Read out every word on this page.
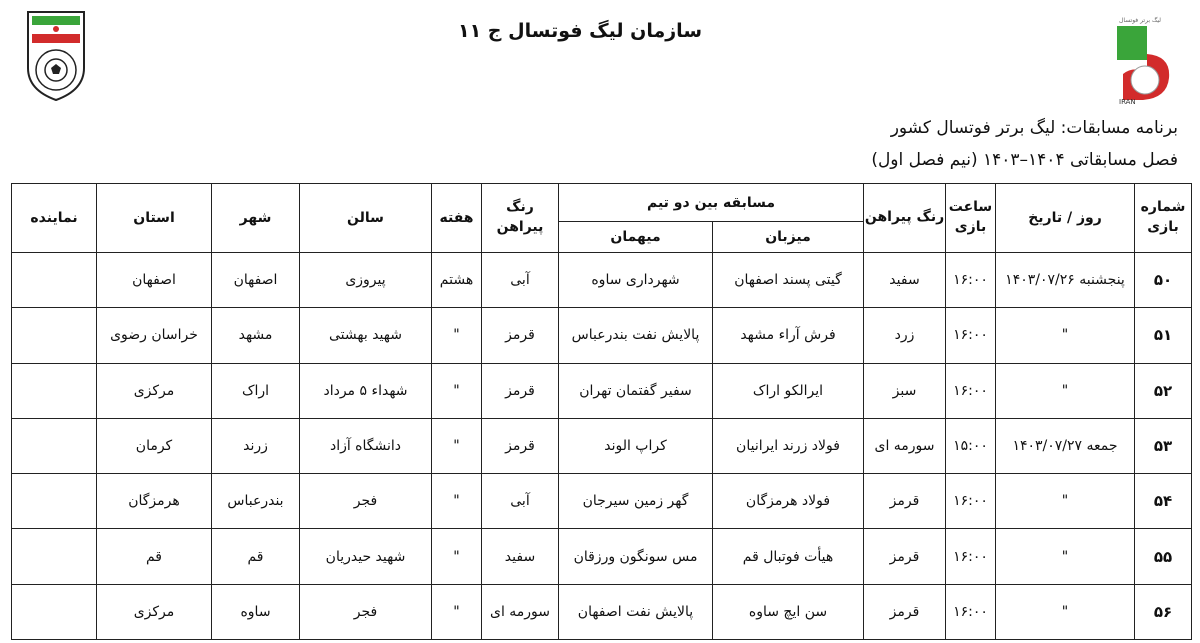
لیگ برتر فوتسال
IRAN
سازمان لیگ فوتسال ج ۱۱
برنامه مسابقات: لیگ برتر فوتسال کشور
فصل مسابقاتی ۱۴۰۴–۱۴۰۳ (نیم فصل اول)
شماره بازی	روز / تاریخ	ساعت بازی	رنگ پیراهن	مسابقه بین دو تیم		رنگ پیراهن	هفته	سالن	شهر	استان	نماینده
				میزبان	میهمان						
۵۰	پنجشنبه ۱۴۰۳/۰۷/۲۶	۱۶:۰۰	سفید	گیتی پسند اصفهان	شهرداری ساوه	آبی	هشتم	پیروزی	اصفهان	اصفهان	
۵۱	"	۱۶:۰۰	زرد	فرش آراء مشهد	پالایش نفت بندرعباس	قرمز	"	شهید بهشتی	مشهد	خراسان رضوی	
۵۲	"	۱۶:۰۰	سبز	ایرالکو اراک	سفیر گفتمان تهران	قرمز	"	شهداء ۵ مرداد	اراک	مرکزی	
۵۳	جمعه ۱۴۰۳/۰۷/۲۷	۱۵:۰۰	سورمه ای	فولاد زرند ایرانیان	کراپ الوند	قرمز	"	دانشگاه آزاد	زرند	کرمان	
۵۴	"	۱۶:۰۰	قرمز	فولاد هرمزگان	گهر زمین سیرجان	آبی	"	فجر	بندرعباس	هرمزگان	
۵۵	"	۱۶:۰۰	قرمز	هیأت فوتبال قم	مس سونگون ورزقان	سفید	"	شهید حیدریان	قم	قم	
۵۶	"	۱۶:۰۰	قرمز	سن ایچ ساوه	پالایش نفت اصفهان	سورمه ای	"	فجر	ساوه	مرکزی	
